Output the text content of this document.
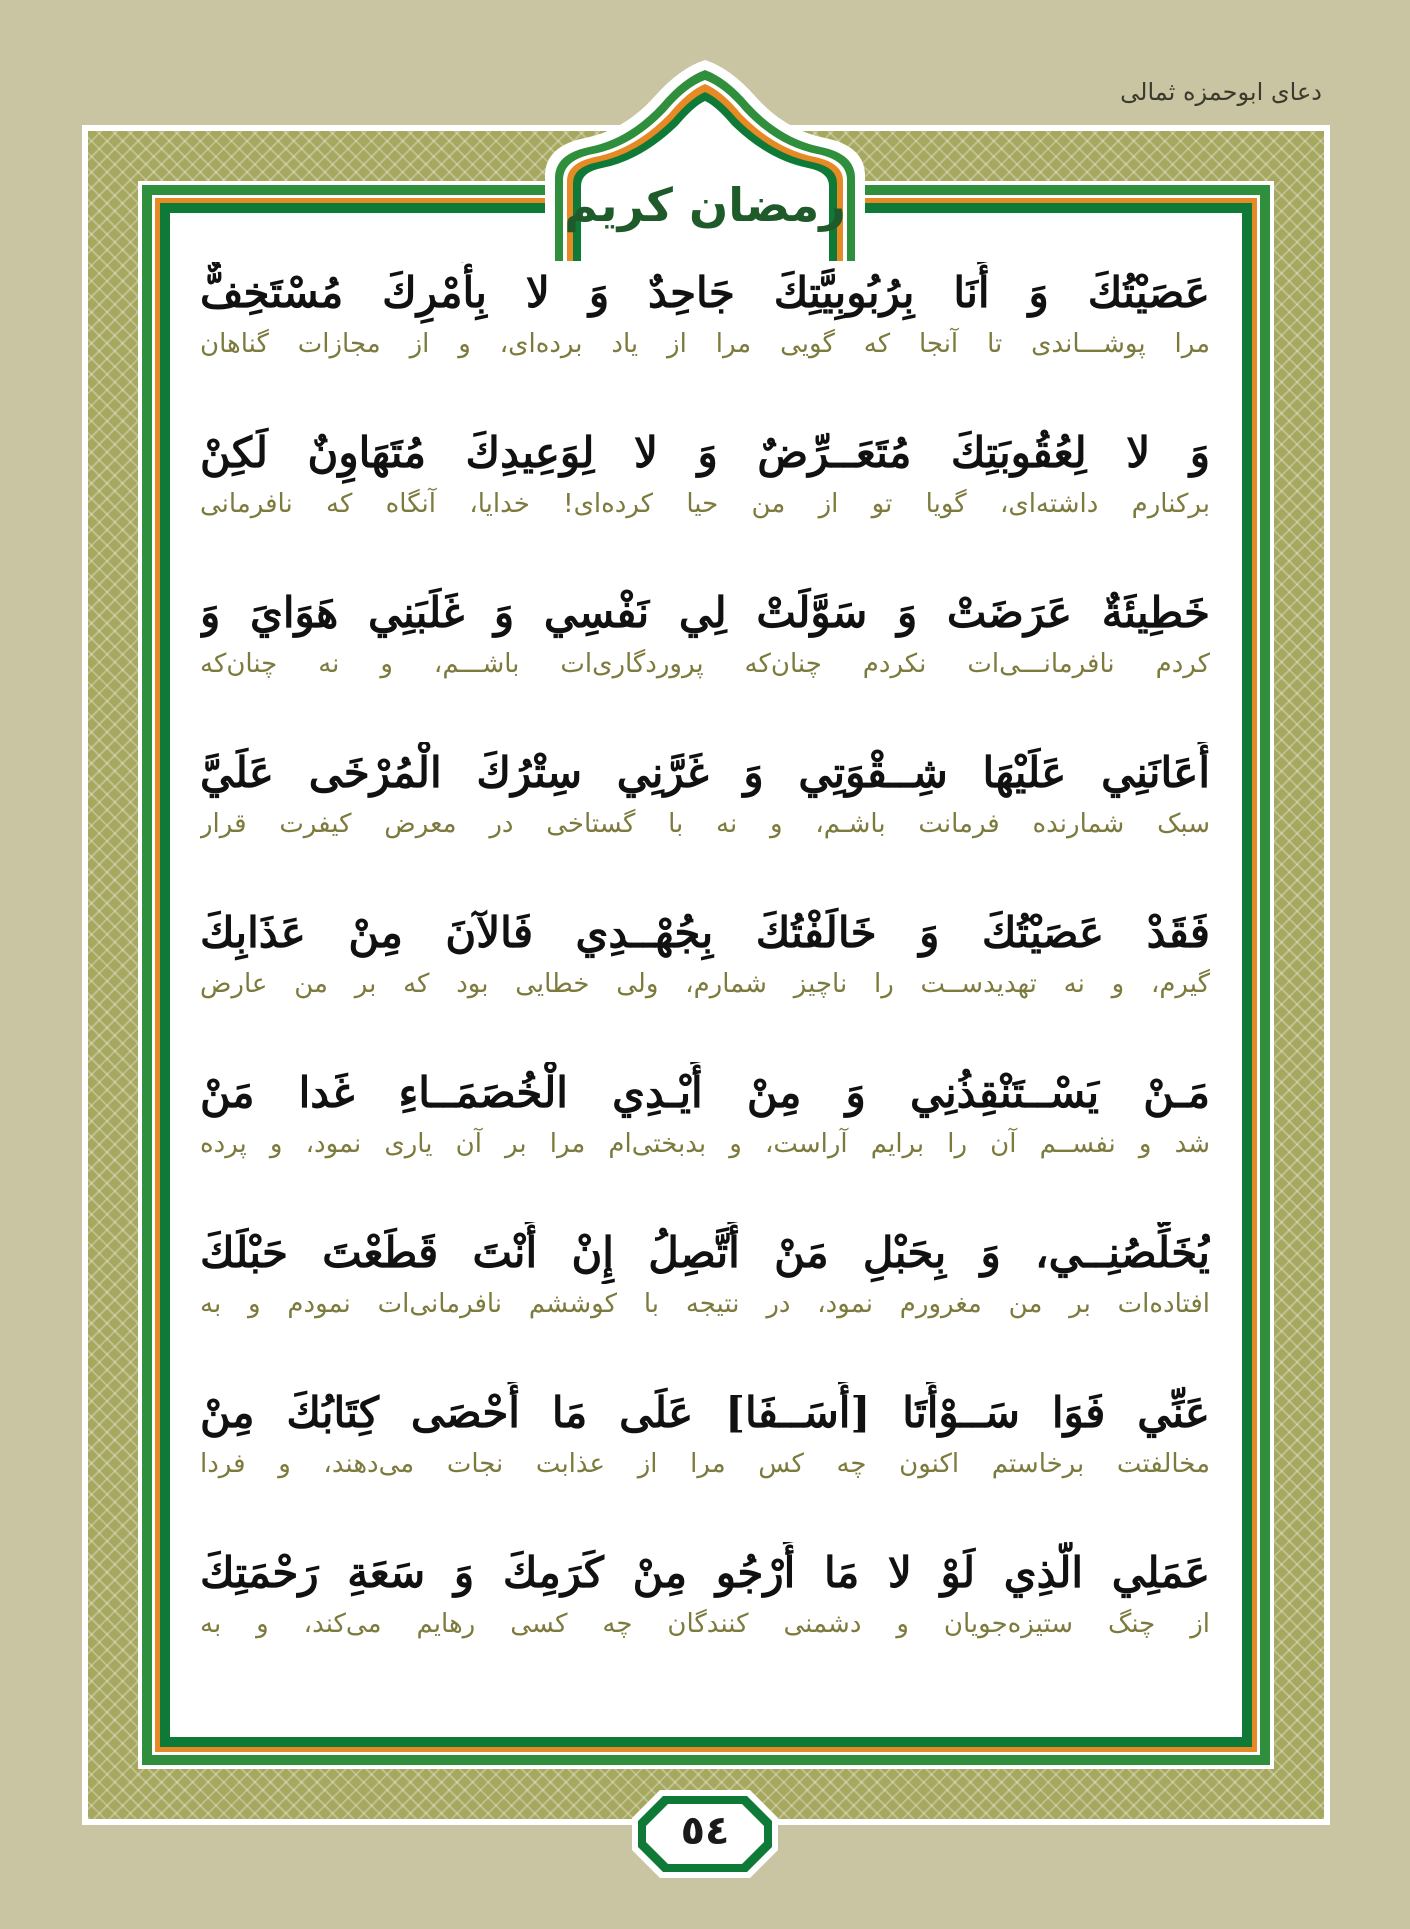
دعای ابوحمزه ثمالی
رمضان کریم
عَصَيْتُكَ وَ أَنَا بِرُبُوبِيَّتِكَ جَاحِدٌ وَ لا بِأَمْرِكَ مُسْتَخِفٌّ
مرا پوشـــاندی تا آنجا که گویی مرا از یاد برده‌ای، و از مجازات گناهان
وَ لا لِعُقُوبَتِكَ مُتَعَــرِّضٌ وَ لا لِوَعِيدِكَ مُتَهَاوِنٌ لَكِنْ
برکنارم داشته‌ای، گویا تو از من حیا کرده‌ای! خدایا، آنگاه که نافرمانی
خَطِيئَةٌ عَرَضَتْ وَ سَوَّلَتْ لِي نَفْسِي وَ غَلَبَنِي هَوَايَ وَ
کردم نافرمانـــی‌ات نکردم چنان‌که پروردگاری‌ات باشـــم، و نه چنان‌که
أَعَانَنِي عَلَيْهَا شِــقْوَتِي وَ غَرَّنِي سِتْرُكَ الْمُرْخَى عَلَيَّ
سبک شمارنده فرمانت باشـم، و نه با گستاخی در معرض کیفرت قرار
فَقَدْ عَصَيْتُكَ وَ خَالَفْتُكَ بِجُهْــدِي فَالآنَ مِنْ عَذَابِكَ
گیرم، و نه تهدیدســت را ناچیز شمارم، ولی خطایی بود که بر من عارض
مَـنْ يَسْــتَنْقِذُنِي وَ مِنْ أَيْـدِي الْخُصَمَــاءِ غَدا مَنْ
شد و نفســم آن را برایم آراست، و بدبختی‌ام مرا بر آن یاری نمود، و پرده
يُخَلِّصُنِــي، وَ بِحَبْلِ مَنْ أَتَّصِلُ إِنْ أَنْتَ قَطَعْتَ حَبْلَكَ
افتاده‌ات بر من مغرورم نمود، در نتیجه با کوششم نافرمانی‌ات نمودم و به
عَنِّي فَوَا سَــوْأَتَا [أَسَــفَا] عَلَى مَا أَحْصَى كِتَابُكَ مِنْ
مخالفتت برخاستم اکنون چه کس مرا از عذابت نجات می‌دهند، و فردا
عَمَلِي الَّذِي لَوْ لا مَا أَرْجُو مِنْ كَرَمِكَ وَ سَعَةِ رَحْمَتِكَ
از چنگ ستیزه‌جویان و دشمنی کنندگان چه کسی رهایم می‌کند، و به
٥٤
